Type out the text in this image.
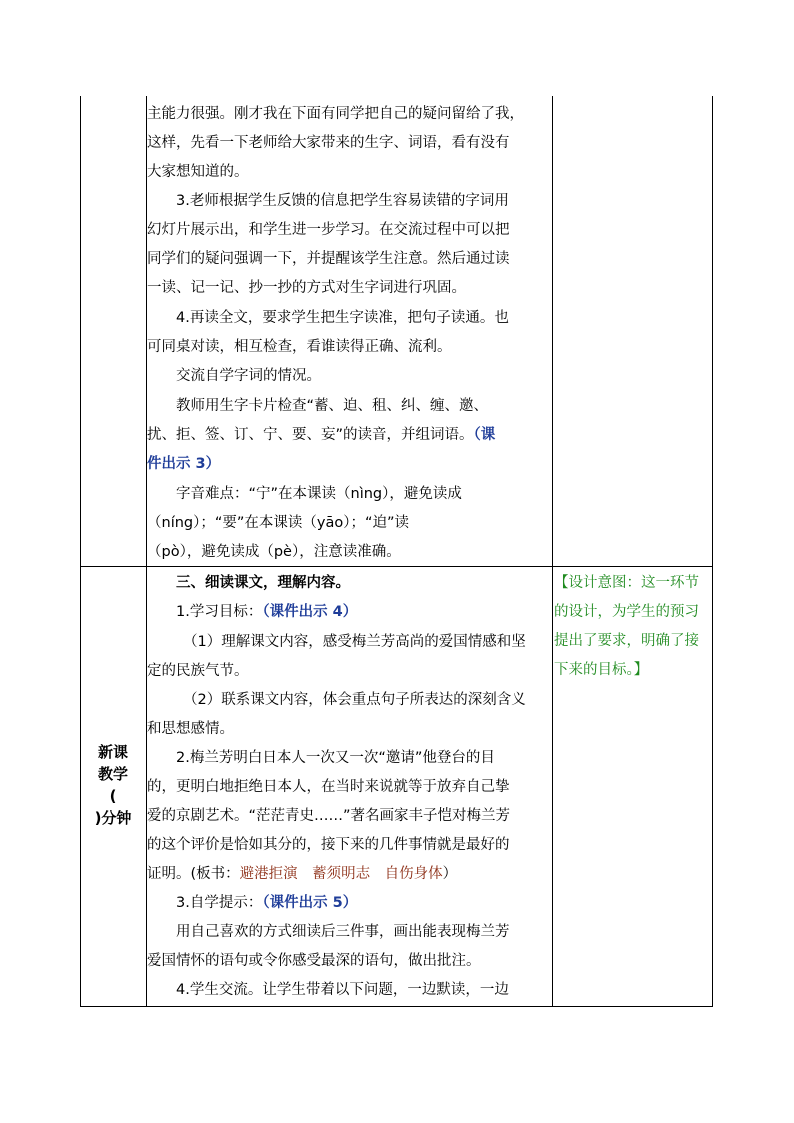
主能力很强。刚才我在下面有同学把自己的疑问留给了我，
这样，先看一下老师给大家带来的生字、词语，看有没有
大家想知道的。
3.老师根据学生反馈的信息把学生容易读错的字词用
幻灯片展示出，和学生进一步学习。在交流过程中可以把
同学们的疑问强调一下，并提醒该学生注意。然后通过读
一读、记一记、抄一抄的方式对生字词进行巩固。
4.再读全文，要求学生把生字读准，把句子读通。也
可同桌对读，相互检查，看谁读得正确、流利。
交流自学字词的情况。
教师用生字卡片检查“蓄、迫、租、纠、缠、邀、
扰、拒、签、订、宁、要、妄”的读音，并组词语。（课
件出示 3）
字音难点：“宁”在本课读（nìng），避免读成
（níng）；“要”在本课读（yāo）；“迫”读
（pò），避免读成（pè），注意读准确。
新课
教学
(
)分钟
三、细读课文，理解内容。
1.学习目标：（课件出示 4）
（1）理解课文内容，感受梅兰芳高尚的爱国情感和坚
定的民族气节。
（2）联系课文内容，体会重点句子所表达的深刻含义
和思想感情。
2.梅兰芳明白日本人一次又一次“邀请”他登台的目
的，更明白地拒绝日本人，在当时来说就等于放弃自己挚
爱的京剧艺术。“茫茫青史……”著名画家丰子恺对梅兰芳
的这个评价是恰如其分的，接下来的几件事情就是最好的
证明。(板书：避港拒演　蓄须明志　自伤身体）
3.自学提示：（课件出示 5）
用自己喜欢的方式细读后三件事，画出能表现梅兰芳
爱国情怀的语句或令你感受最深的语句，做出批注。
4.学生交流。让学生带着以下问题，一边默读，一边
【设计意图：这一环节
的设计，为学生的预习
提出了要求，明确了接
下来的目标。】
